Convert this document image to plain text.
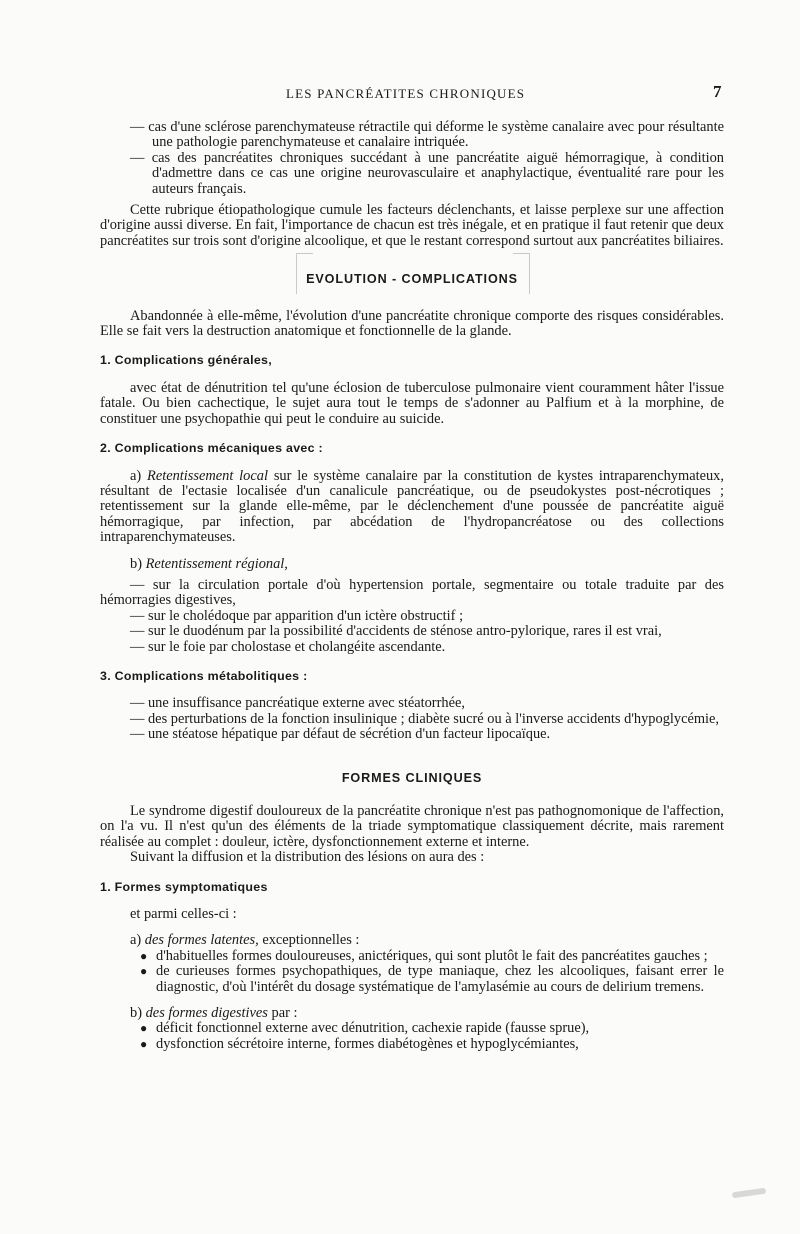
LES PANCRÉATITES CHRONIQUES	7

— cas d'une sclérose parenchymateuse rétractile qui déforme le système canalaire avec pour résultante une pathologie parenchymateuse et canalaire intriquée.

— cas des pancréatites chroniques succédant à une pancréatite aiguë hémorragique, à condition d'admettre dans ce cas une origine neurovasculaire et anaphylactique, éventualité rare pour les auteurs français.

Cette rubrique étiopathologique cumule les facteurs déclenchants, et laisse perplexe sur une affection d'origine aussi diverse. En fait, l'importance de chacun est très inégale, et en pratique il faut retenir que deux pancréatites sur trois sont d'origine alcoolique, et que le restant correspond surtout aux pancréatites biliaires.

EVOLUTION - COMPLICATIONS

Abandonnée à elle-même, l'évolution d'une pancréatite chronique comporte des risques considérables. Elle se fait vers la destruction anatomique et fonctionnelle de la glande.

1. Complications générales,

avec état de dénutrition tel qu'une éclosion de tuberculose pulmonaire vient couramment hâter l'issue fatale. Ou bien cachectique, le sujet aura tout le temps de s'adonner au Palfium et à la morphine, de constituer une psychopathie qui peut le conduire au suicide.

2. Complications mécaniques avec :

a) Retentissement local sur le système canalaire par la constitution de kystes intraparenchymateux, résultant de l'ectasie localisée d'un canalicule pancréatique, ou de pseudokystes post-nécrotiques ; retentissement sur la glande elle-même, par le déclenchement d'une poussée de pancréatite aiguë hémorragique, par infection, par abcédation de l'hydropancréatose ou des collections intraparenchymateuses.

b) Retentissement régional,

— sur la circulation portale d'où hypertension portale, segmentaire ou totale traduite par des hémorragies digestives,

— sur le cholédoque par apparition d'un ictère obstructif ;

— sur le duodénum par la possibilité d'accidents de sténose antro-pylorique, rares il est vrai,

— sur le foie par cholostase et cholangéite ascendante.

3. Complications métabolitiques :

— une insuffisance pancréatique externe avec stéatorrhée,

— des perturbations de la fonction insulinique ; diabète sucré ou à l'inverse accidents d'hypoglycémie,

— une stéatose hépatique par défaut de sécrétion d'un facteur lipocaïque.

FORMES CLINIQUES

Le syndrome digestif douloureux de la pancréatite chronique n'est pas pathognomonique de l'affection, on l'a vu. Il n'est qu'un des éléments de la triade symptomatique classiquement décrite, mais rarement réalisée au complet : douleur, ictère, dysfonctionnement externe et interne.

Suivant la diffusion et la distribution des lésions on aura des :

1. Formes symptomatiques

et parmi celles-ci :

a) des formes latentes, exceptionnelles :

● d'habituelles formes douloureuses, anictériques, qui sont plutôt le fait des pancréatites gauches ;

● de curieuses formes psychopathiques, de type maniaque, chez les alcooliques, faisant errer le diagnostic, d'où l'intérêt du dosage systématique de l'amylasémie au cours de delirium tremens.

b) des formes digestives par :

● déficit fonctionnel externe avec dénutrition, cachexie rapide (fausse sprue),

● dysfonction sécrétoire interne, formes diabétogènes et hypoglycémiantes,
